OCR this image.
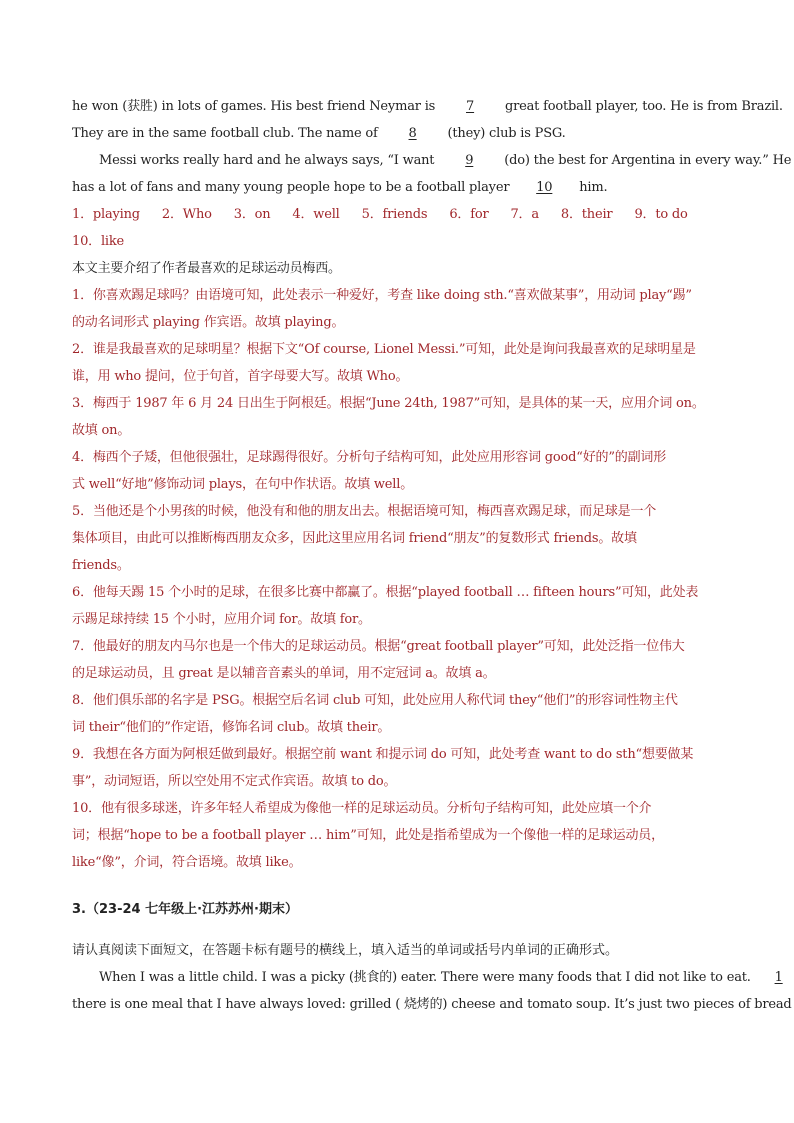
he won (获胜) in lots of games. His best friend Neymar is 7 great football player, too. He is from Brazil.
They are in the same football club. The name of 8 (they) club is PSG.
Messi works really hard and he always says, “I want 9 (do) the best for Argentina in every way.” He
has a lot of fans and many young people hope to be a football player 10 him.
1．playing 2．Who 3．on 4．well 5．friends 6．for 7．a 8．their 9．to do
10．like
本文主要介绍了作者最喜欢的足球运动员梅西。
1．你喜欢踢足球吗？由语境可知，此处表示一种爱好，考查 like doing sth.“喜欢做某事”，用动词 play“踢”
的动名词形式 playing 作宾语。故填 playing。
2．谁是我最喜欢的足球明星？根据下文“Of course, Lionel Messi.”可知，此处是询问我最喜欢的足球明星是
谁，用 who 提问，位于句首，首字母要大写。故填 Who。
3．梅西于 1987 年 6 月 24 日出生于阿根廷。根据“June 24th, 1987”可知，是具体的某一天，应用介词 on。
故填 on。
4．梅西个子矮，但他很强壮，足球踢得很好。分析句子结构可知，此处应用形容词 good“好的”的副词形
式 well“好地”修饰动词 plays，在句中作状语。故填 well。
5．当他还是个小男孩的时候，他没有和他的朋友出去。根据语境可知，梅西喜欢踢足球，而足球是一个
集体项目，由此可以推断梅西朋友众多，因此这里应用名词 friend“朋友”的复数形式 friends。故填
friends。
6．他每天踢 15 个小时的足球，在很多比赛中都赢了。根据“played football … fifteen hours”可知，此处表
示踢足球持续 15 个小时，应用介词 for。故填 for。
7．他最好的朋友内马尔也是一个伟大的足球运动员。根据“great football player”可知，此处泛指一位伟大
的足球运动员，且 great 是以辅音音素头的单词，用不定冠词 a。故填 a。
8．他们俱乐部的名字是 PSG。根据空后名词 club 可知，此处应用人称代词 they“他们”的形容词性物主代
词 their“他们的”作定语，修饰名词 club。故填 their。
9．我想在各方面为阿根廷做到最好。根据空前 want 和提示词 do 可知，此处考查 want to do sth“想要做某
事”，动词短语，所以空处用不定式作宾语。故填 to do。
10．他有很多球迷，许多年轻人希望成为像他一样的足球运动员。分析句子结构可知，此处应填一个介
词；根据“hope to be a football player … him”可知，此处是指希望成为一个像他一样的足球运动员，
like“像”，介词，符合语境。故填 like。
3.（23-24 七年级上·江苏苏州·期末）
请认真阅读下面短文，在答题卡标有题号的横线上，填入适当的单词或括号内单词的正确形式。
When I was a little child. I was a picky (挑食的) eater. There were many foods that I did not like to eat. 1
there is one meal that I have always loved: grilled ( 烧烤的) cheese and tomato soup. It’s just two pieces of bread
